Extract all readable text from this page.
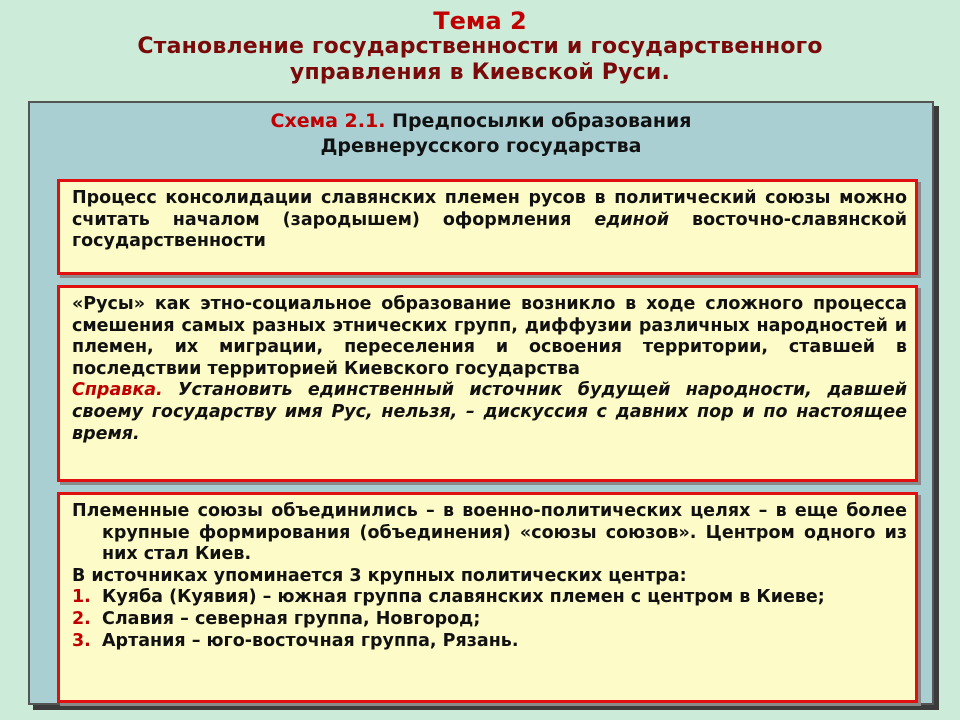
Тема 2
Становление государственности и государственного
управления в Киевской Руси.
Схема 2.1. Предпосылки образования
Древнерусского государства

Процесс консолидации славянских племен русов в политический союзы можно считать началом (зародышем) оформления единой восточно-славянской государственности

«Русы» как этно-социальное образование возникло в ходе сложного процесса смешения самых разных этнических групп, диффузии различных народностей и племен, их миграции, переселения и освоения территории, ставшей в последствии территорией Киевского государства

Справка. Установить единственный источник будущей народности, давшей своему государству имя Рус, нельзя, – дискуссия с давних пор и по настоящее время.

Племенные союзы объединились – в военно-политических целях – в еще более крупные формирования (объединения) «союзы союзов». Центром одного из них стал Киев.

В источниках упоминается 3 крупных политических центра:

1. Куяба (Куявия) – южная группа славянских племен с центром в Киеве;

2. Славия – северная группа, Новгород;

3. Артания – юго-восточная группа, Рязань.
